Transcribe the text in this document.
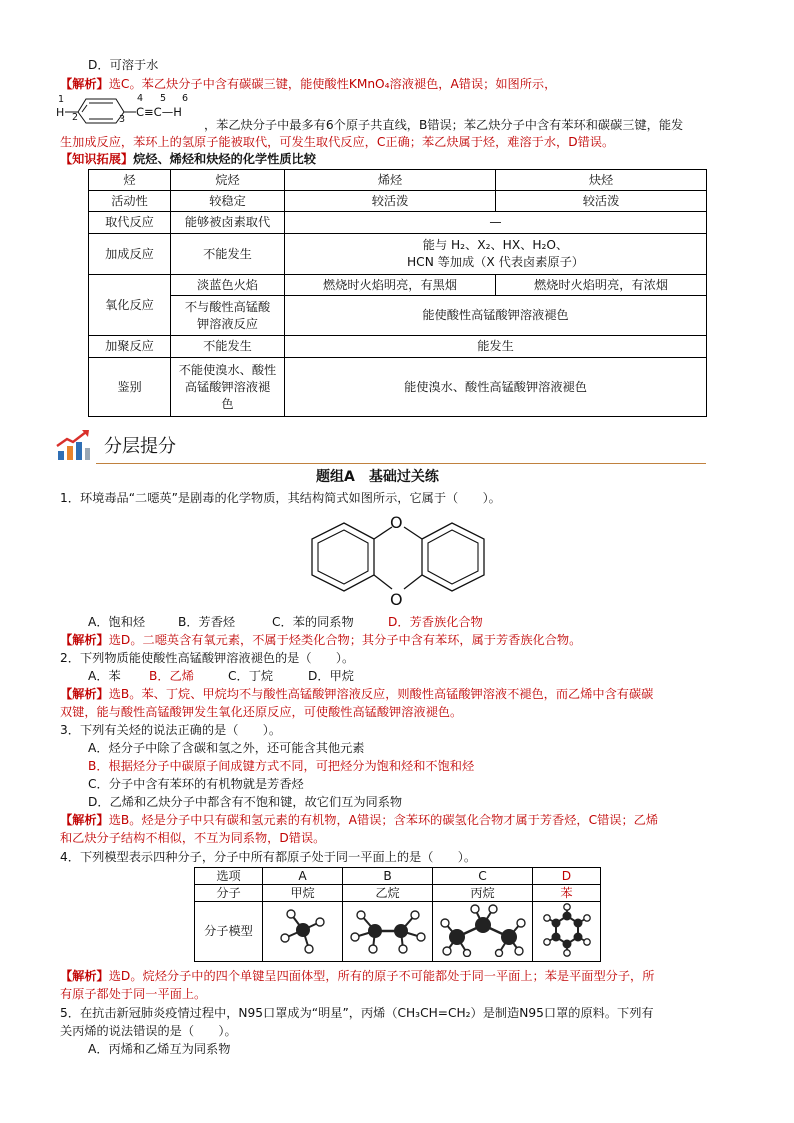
D．可溶于水
【解析】选C。苯乙炔分子中含有碳碳三键，能使酸性KMnO₄溶液褪色，A错误；如图所示，
1
H 2	3
4 5 6
C≡C—H
，苯乙炔分子中最多有6个原子共直线，B错误；苯乙炔分子中含有苯环和碳碳三键，能发
生加成反应，苯环上的氢原子能被取代，可发生取代反应，C正确；苯乙炔属于烃，难溶于水，D错误。
【知识拓展】烷烃、烯烃和炔烃的化学性质比较
烃	烷烃	烯烃	炔烃
活动性	较稳定	较活泼	较活泼
取代反应	能够被卤素取代	—	
加成反应	不能发生	能与 H₂、X₂、HX、H₂O、
HCN 等加成（X 代表卤素原子）	

氧化反应	淡蓝色火焰	燃烧时火焰明亮，有黑烟	燃烧时火焰明亮，有浓烟

	不与酸性高锰酸
钾溶液反应	能使酸性高锰酸钾溶液褪色	
加聚反应	不能发生	能发生	
鉴别	不能使溴水、酸性
高锰酸钾溶液褪
色	能使溴水、酸性高锰酸钾溶液褪色	
分层提分
题组A　基础过关练
1．环境毒品“二噁英”是剧毒的化学物质，其结构简式如图所示，它属于（　　）。
O
O
A．饱和烃	B．芳香烃	C．苯的同系物	D．芳香族化合物
【解析】选D。二噁英含有氧元素，不属于烃类化合物；其分子中含有苯环，属于芳香族化合物。
2．下列物质能使酸性高锰酸钾溶液褪色的是（　　）。
A．苯 B．乙烯	C．丁烷	D．甲烷
【解析】选B。苯、丁烷、甲烷均不与酸性高锰酸钾溶液反应，则酸性高锰酸钾溶液不褪色，而乙烯中含有碳碳
双键，能与酸性高锰酸钾发生氧化还原反应，可使酸性高锰酸钾溶液褪色。
3．下列有关烃的说法正确的是（　　）。
A．烃分子中除了含碳和氢之外，还可能含其他元素
B．根据烃分子中碳原子间成键方式不同，可把烃分为饱和烃和不饱和烃
C．分子中含有苯环的有机物就是芳香烃
D．乙烯和乙炔分子中都含有不饱和键，故它们互为同系物
【解析】选B。烃是分子中只有碳和氢元素的有机物，A错误；含苯环的碳氢化合物才属于芳香烃，C错误；乙烯
和乙炔分子结构不相似，不互为同系物，D错误。
4．下列模型表示四种分子，分子中所有都原子处于同一平面上的是（　　）。
选项	A	B	C	D
分子	甲烷	乙烷	丙烷	苯
分子模型				
【解析】选D。烷烃分子中的四个单键呈四面体型，所有的原子不可能都处于同一平面上；苯是平面型分子，所
有原子都处于同一平面上。
5．在抗击新冠肺炎疫情过程中，N95口罩成为“明星”，丙烯（CH₃CH=CH₂）是制造N95口罩的原料。下列有
关丙烯的说法错误的是（　　）。
A．丙烯和乙烯互为同系物
